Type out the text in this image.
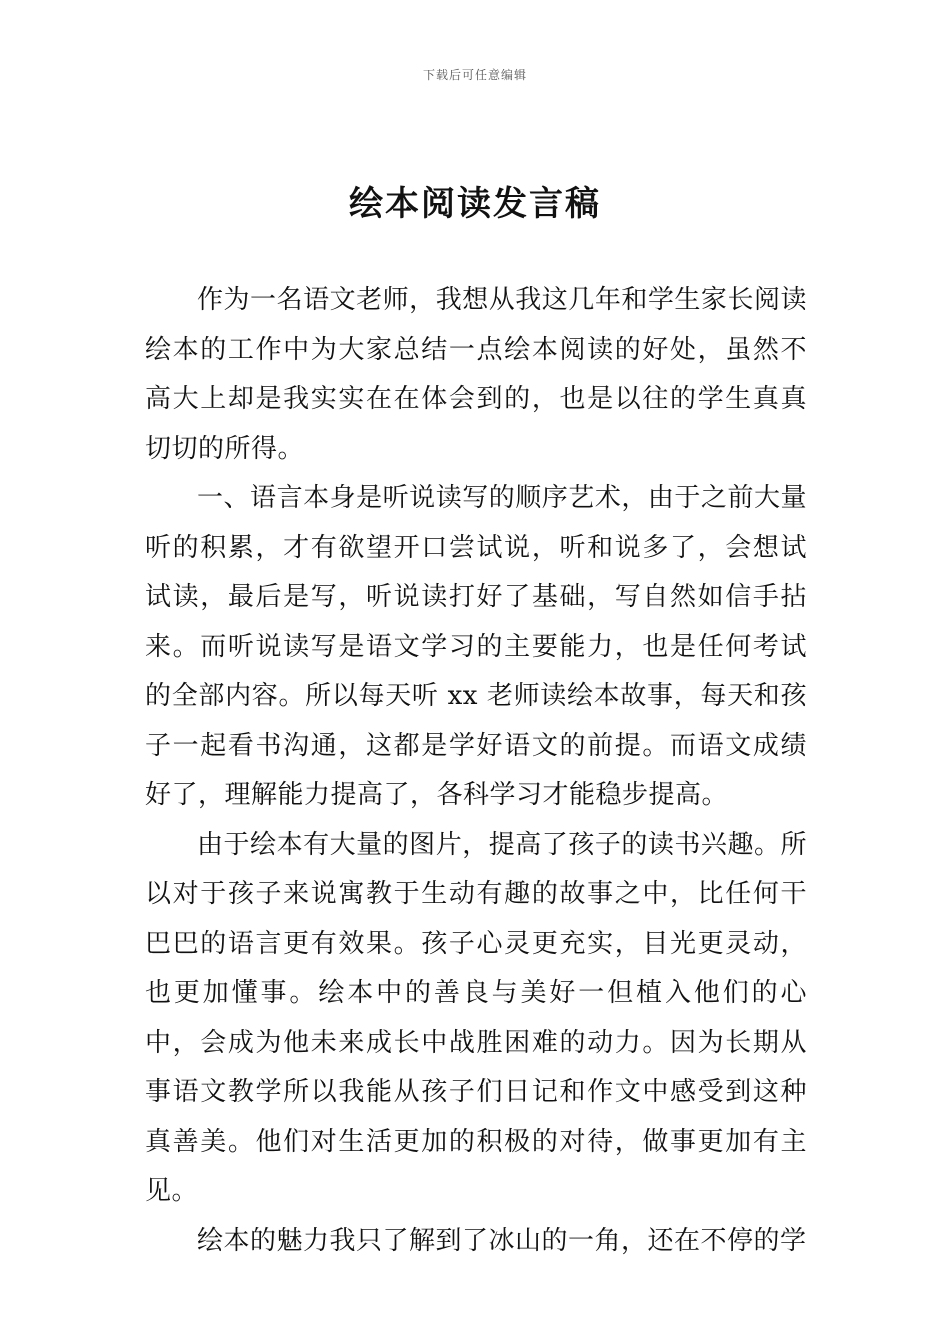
下载后可任意编辑
绘本阅读发言稿

作为一名语文老师，我想从我这几年和学生家长阅读绘本的工作中为大家总结一点绘本阅读的好处，虽然不高大上却是我实实在在体会到的，也是以往的学生真真切切的所得。

一、语言本身是听说读写的顺序艺术，由于之前大量听的积累，才有欲望开口尝试说，听和说多了，会想试试读，最后是写，听说读打好了基础，写自然如信手拈来。而听说读写是语文学习的主要能力，也是任何考试的全部内容。所以每天听 xx 老师读绘本故事，每天和孩子一起看书沟通，这都是学好语文的前提。而语文成绩好了，理解能力提高了，各科学习才能稳步提高。

由于绘本有大量的图片，提高了孩子的读书兴趣。所以对于孩子来说寓教于生动有趣的故事之中，比任何干巴巴的语言更有效果。孩子心灵更充实，目光更灵动，也更加懂事。绘本中的善良与美好一但植入他们的心中，会成为他未来成长中战胜困难的动力。因为长期从事语文教学所以我能从孩子们日记和作文中感受到这种真善美。他们对生活更加的积极的对待，做事更加有主见。

绘本的魅力我只了解到了冰山的一角，还在不停的学
